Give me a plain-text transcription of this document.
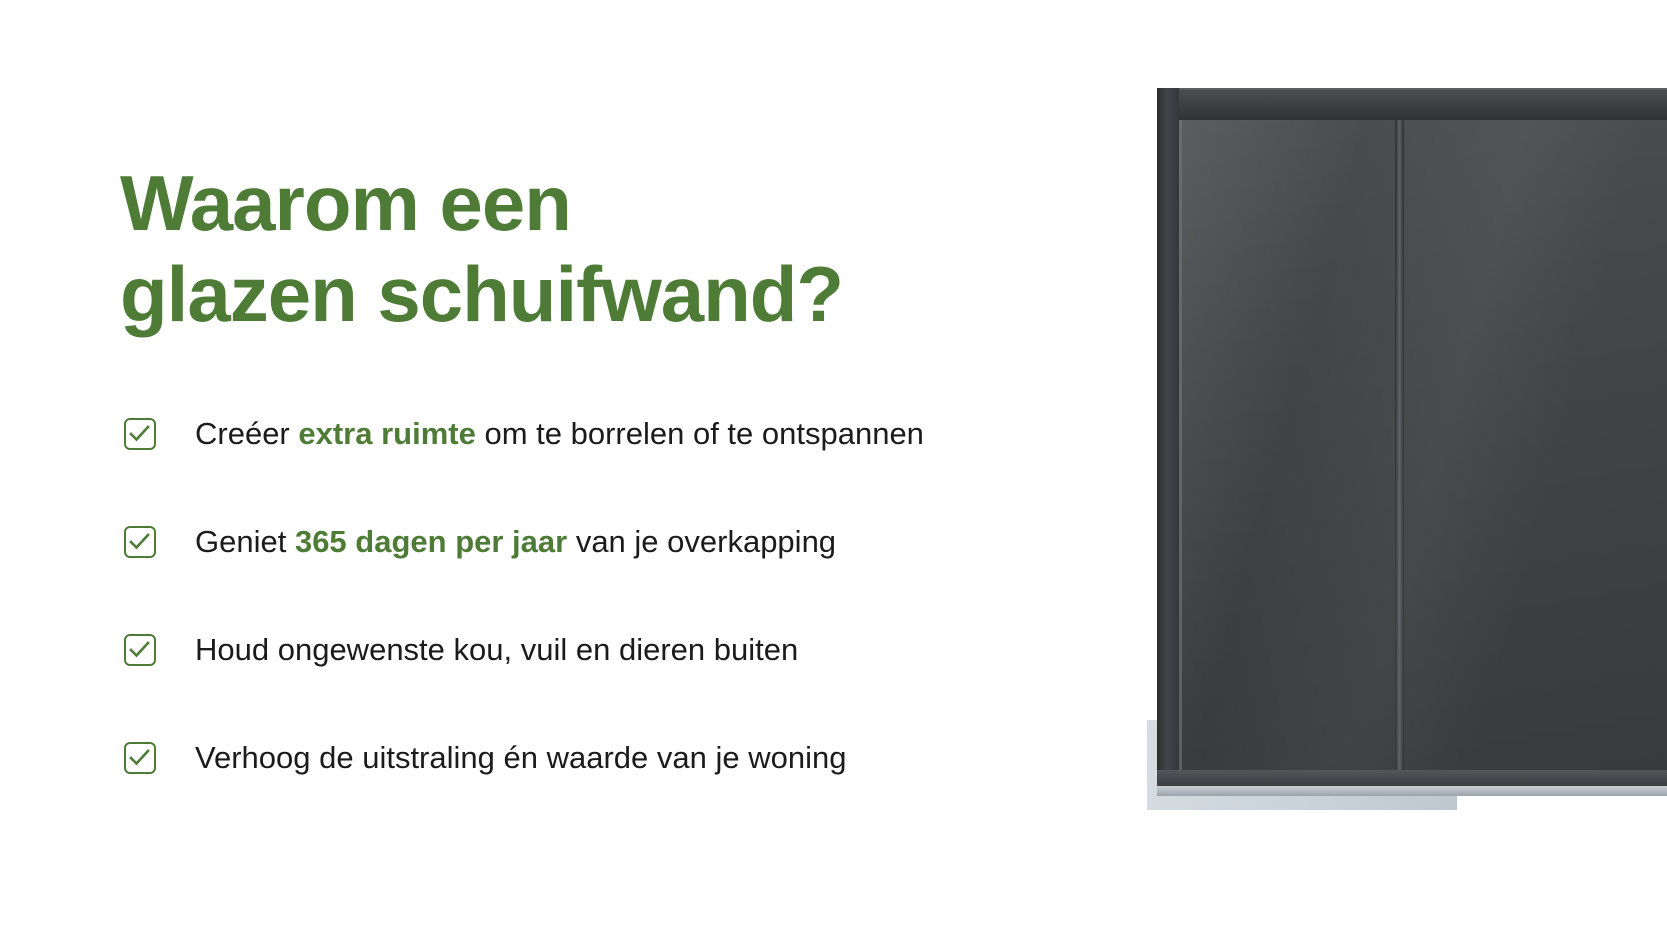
Waarom een
glazen schuifwand?
Creéer extra ruimte om te borrelen of te ontspannen
Geniet 365 dagen per jaar van je overkapping
Houd ongewenste kou, vuil en dieren buiten
Verhoog de uitstraling én waarde van je woning
